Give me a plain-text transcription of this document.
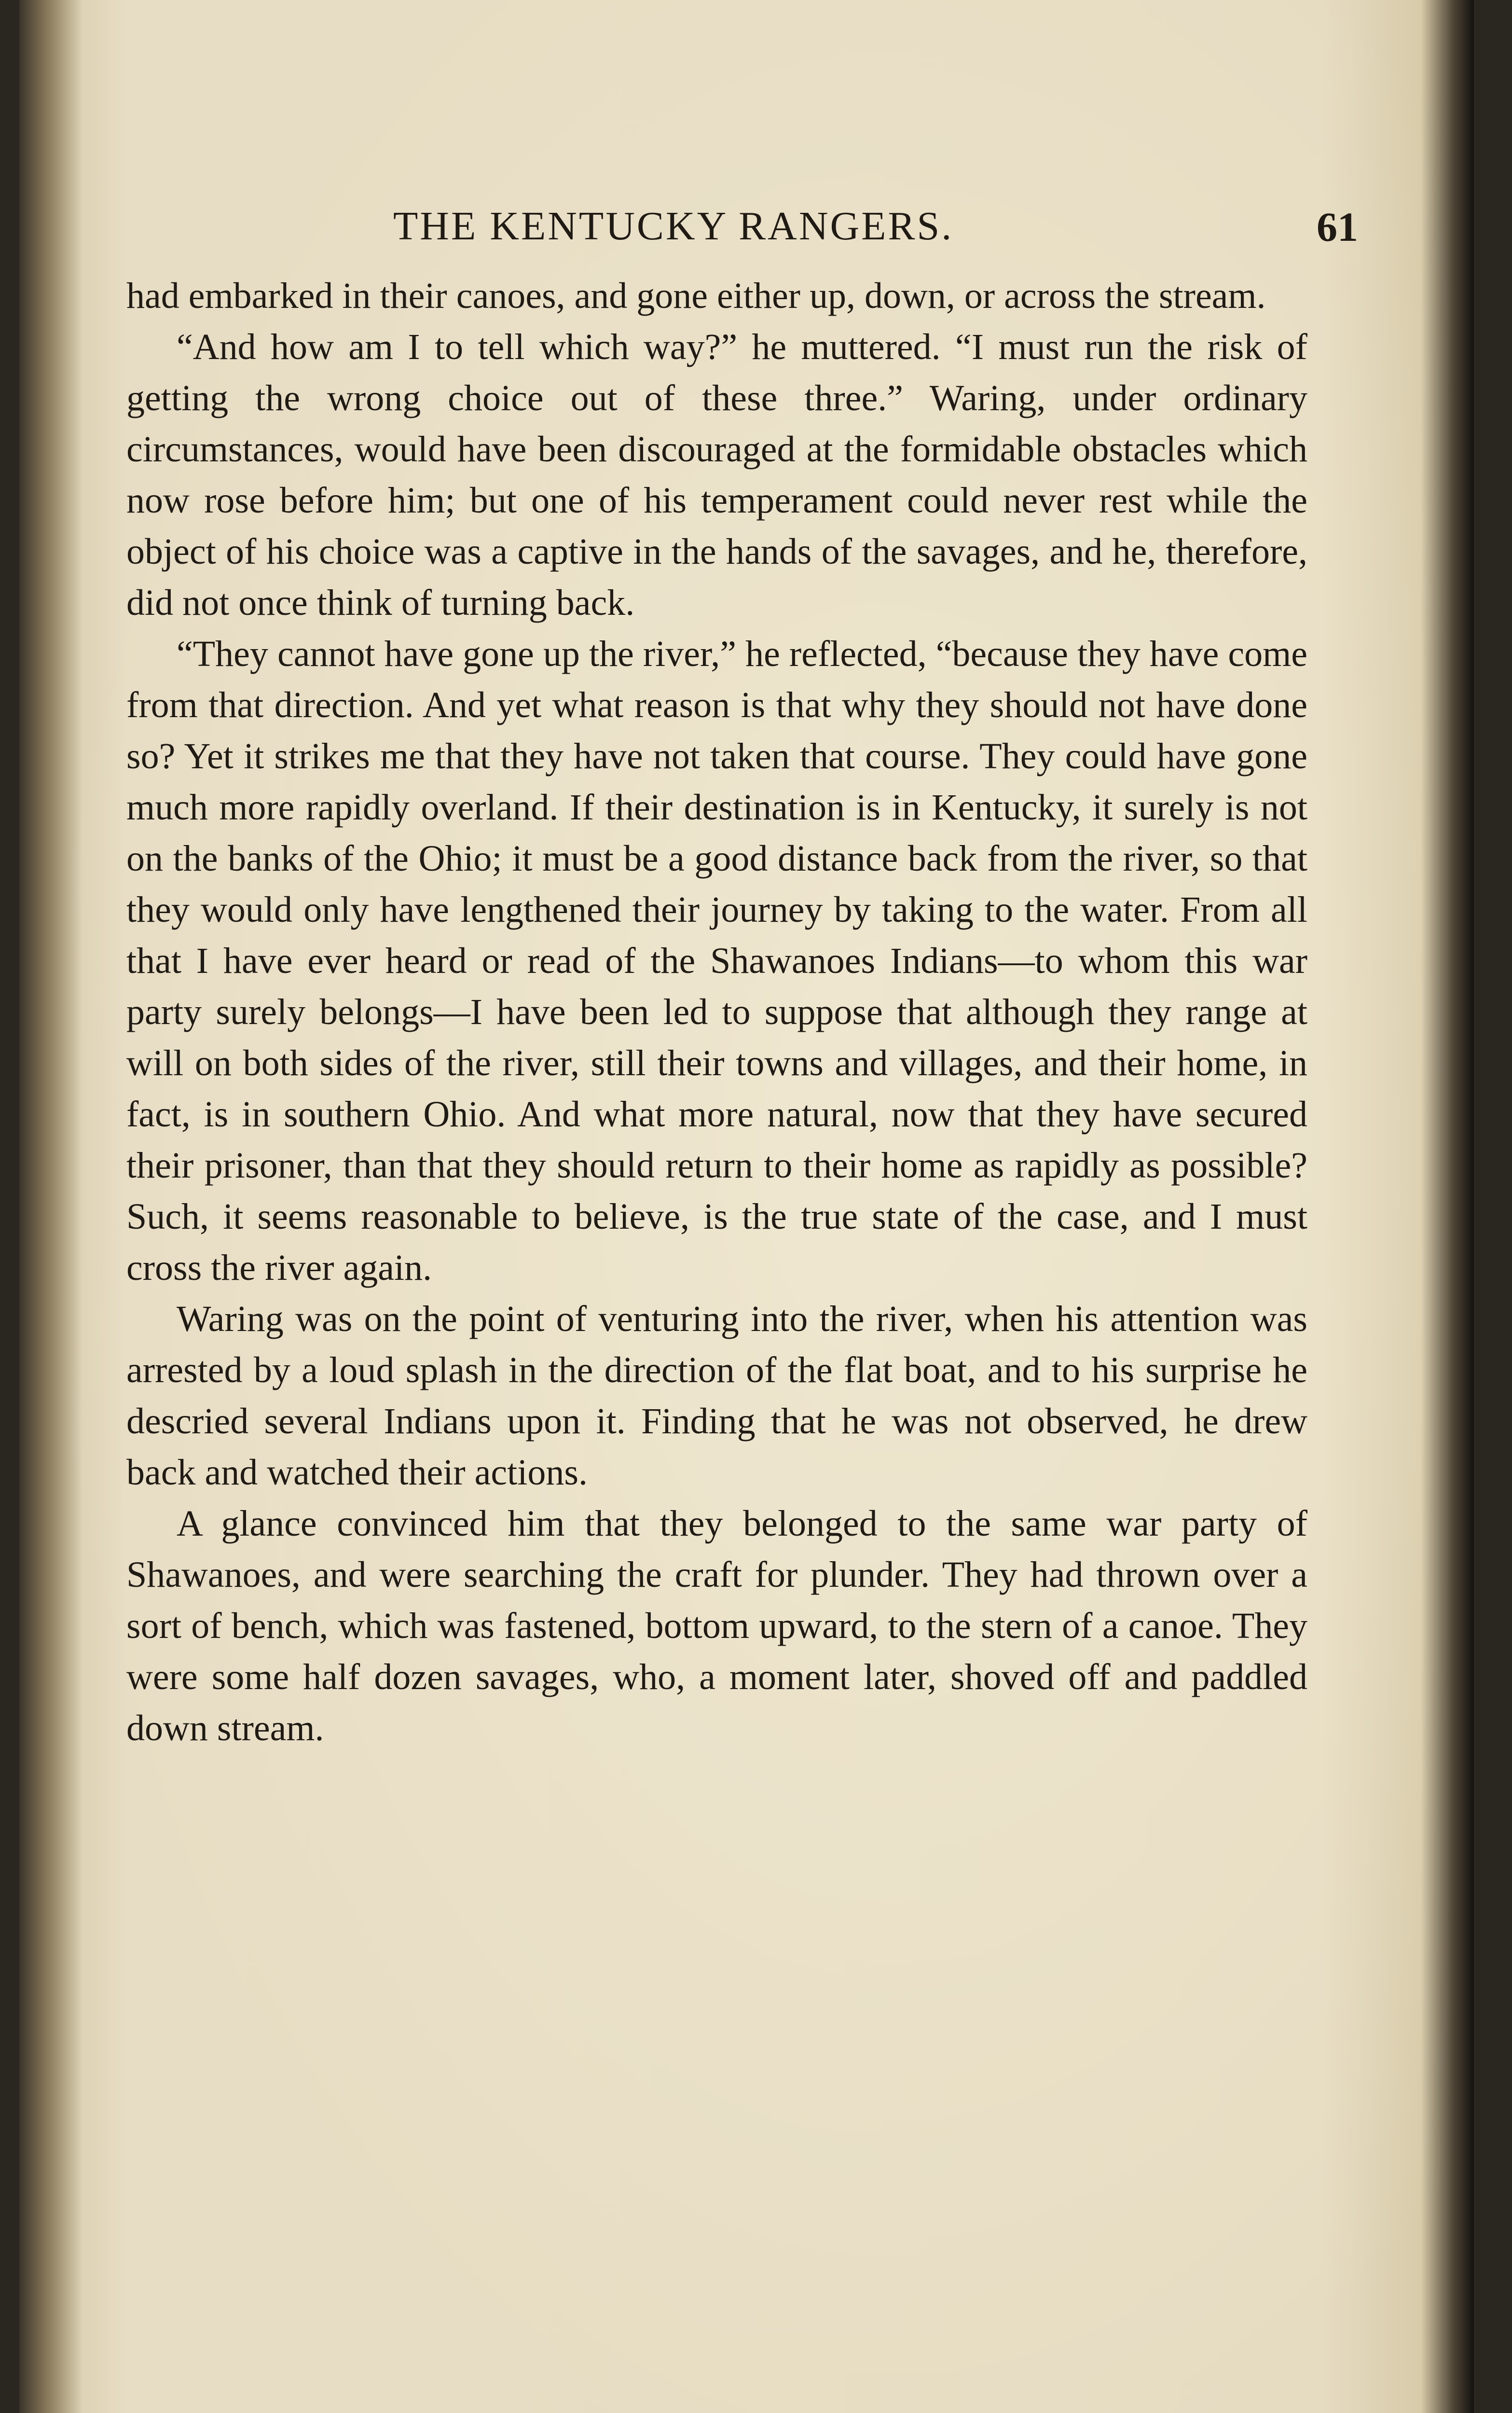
THE KENTUCKY RANGERS.	61

had embarked in their canoes, and gone either up, down, or across the stream.

“And how am I to tell which way?” he muttered. “I must run the risk of getting the wrong choice out of these three.” Waring, under ordinary circumstances, would have been discouraged at the formidable obstacles which now rose before him; but one of his temperament could never rest while the object of his choice was a captive in the hands of the savages, and he, therefore, did not once think of turning back.

“They cannot have gone up the river,” he reflected, “because they have come from that direction. And yet what reason is that why they should not have done so? Yet it strikes me that they have not taken that course. They could have gone much more rapidly overland. If their destination is in Kentucky, it surely is not on the banks of the Ohio; it must be a good distance back from the river, so that they would only have lengthened their journey by taking to the water. From all that I have ever heard or read of the Shawanoes Indians—to whom this war party surely belongs—I have been led to suppose that although they range at will on both sides of the river, still their towns and villages, and their home, in fact, is in southern Ohio. And what more natural, now that they have secured their prisoner, than that they should return to their home as rapidly as possible? Such, it seems reasonable to believe, is the true state of the case, and I must cross the river again.

Waring was on the point of venturing into the river, when his attention was arrested by a loud splash in the direction of the flat boat, and to his surprise he descried several Indians upon it. Finding that he was not observed, he drew back and watched their actions.

A glance convinced him that they belonged to the same war party of Shawanoes, and were searching the craft for plunder. They had thrown over a sort of bench, which was fastened, bottom upward, to the stern of a canoe. They were some half dozen savages, who, a moment later, shoved off and paddled down stream.
